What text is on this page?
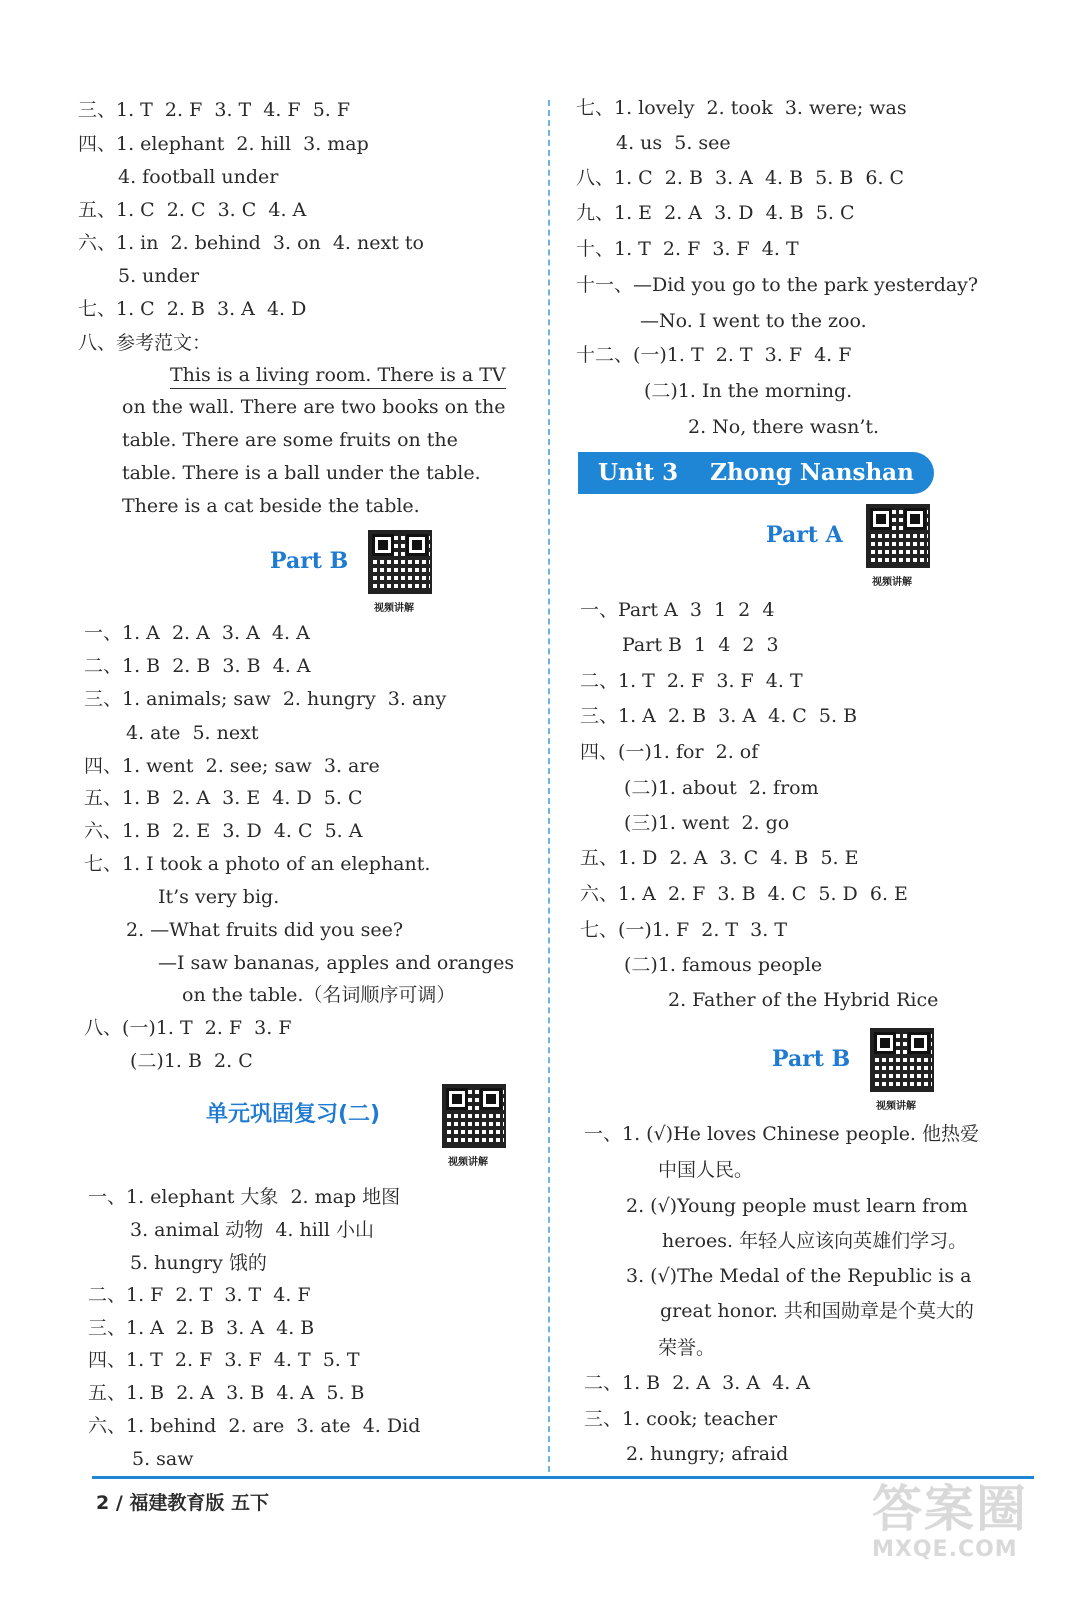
三、1. T  2. F  3. T  4. F  5. F
四、1. elephant  2. hill  3. map
4. football under
五、1. C  2. C  3. C  4. A
六、1. in  2. behind  3. on  4. next to
5. under
七、1. C  2. B  3. A  4. D
八、参考范文：
This is a living room. There is a TV
on the wall. There are two books on the
table. There are some fruits on the
table. There is a ball under the table.
There is a cat beside the table.
Part B
视频讲解
一、1. A  2. A  3. A  4. A
二、1. B  2. B  3. B  4. A
三、1. animals; saw  2. hungry  3. any
4. ate  5. next
四、1. went  2. see; saw  3. are
五、1. B  2. A  3. E  4. D  5. C
六、1. B  2. E  3. D  4. C  5. A
七、1. I took a photo of an elephant.
It’s very big.
2. —What fruits did you see?
—I saw bananas, apples and oranges
on the table.（名词顺序可调）
八、(一)1. T  2. F  3. F
(二)1. B  2. C
单元巩固复习(二)
视频讲解
一、1. elephant 大象  2. map 地图
3. animal 动物  4. hill 小山
5. hungry 饿的
二、1. F  2. T  3. T  4. F
三、1. A  2. B  3. A  4. B
四、1. T  2. F  3. F  4. T  5. T
五、1. B  2. A  3. B  4. A  5. B
六、1. behind  2. are  3. ate  4. Did
5. saw
七、1. lovely  2. took  3. were; was
4. us  5. see
八、1. C  2. B  3. A  4. B  5. B  6. C
九、1. E  2. A  3. D  4. B  5. C
十、1. T  2. F  3. F  4. T
十一、—Did you go to the park yesterday?
—No. I went to the zoo.
十二、(一)1. T  2. T  3. F  4. F
(二)1. In the morning.
2. No, there wasn’t.
Unit 3    Zhong Nanshan
Part A
视频讲解
一、Part A  3  1  2  4
Part B  1  4  2  3
二、1. T  2. F  3. F  4. T
三、1. A  2. B  3. A  4. C  5. B
四、(一)1. for  2. of
(二)1. about  2. from
(三)1. went  2. go
五、1. D  2. A  3. C  4. B  5. E
六、1. A  2. F  3. B  4. C  5. D  6. E
七、(一)1. F  2. T  3. T
(二)1. famous people
2. Father of the Hybrid Rice
Part B
视频讲解
一、1. (√)He loves Chinese people. 他热爱
中国人民。
2. (√)Young people must learn from
heroes. 年轻人应该向英雄们学习。
3. (√)The Medal of the Republic is a
great honor. 共和国勋章是个莫大的
荣誉。
二、1. B  2. A  3. A  4. A
三、1. cook; teacher
2. hungry; afraid
2 / 福建教育版 五下	答案圈
MXQE.COM
